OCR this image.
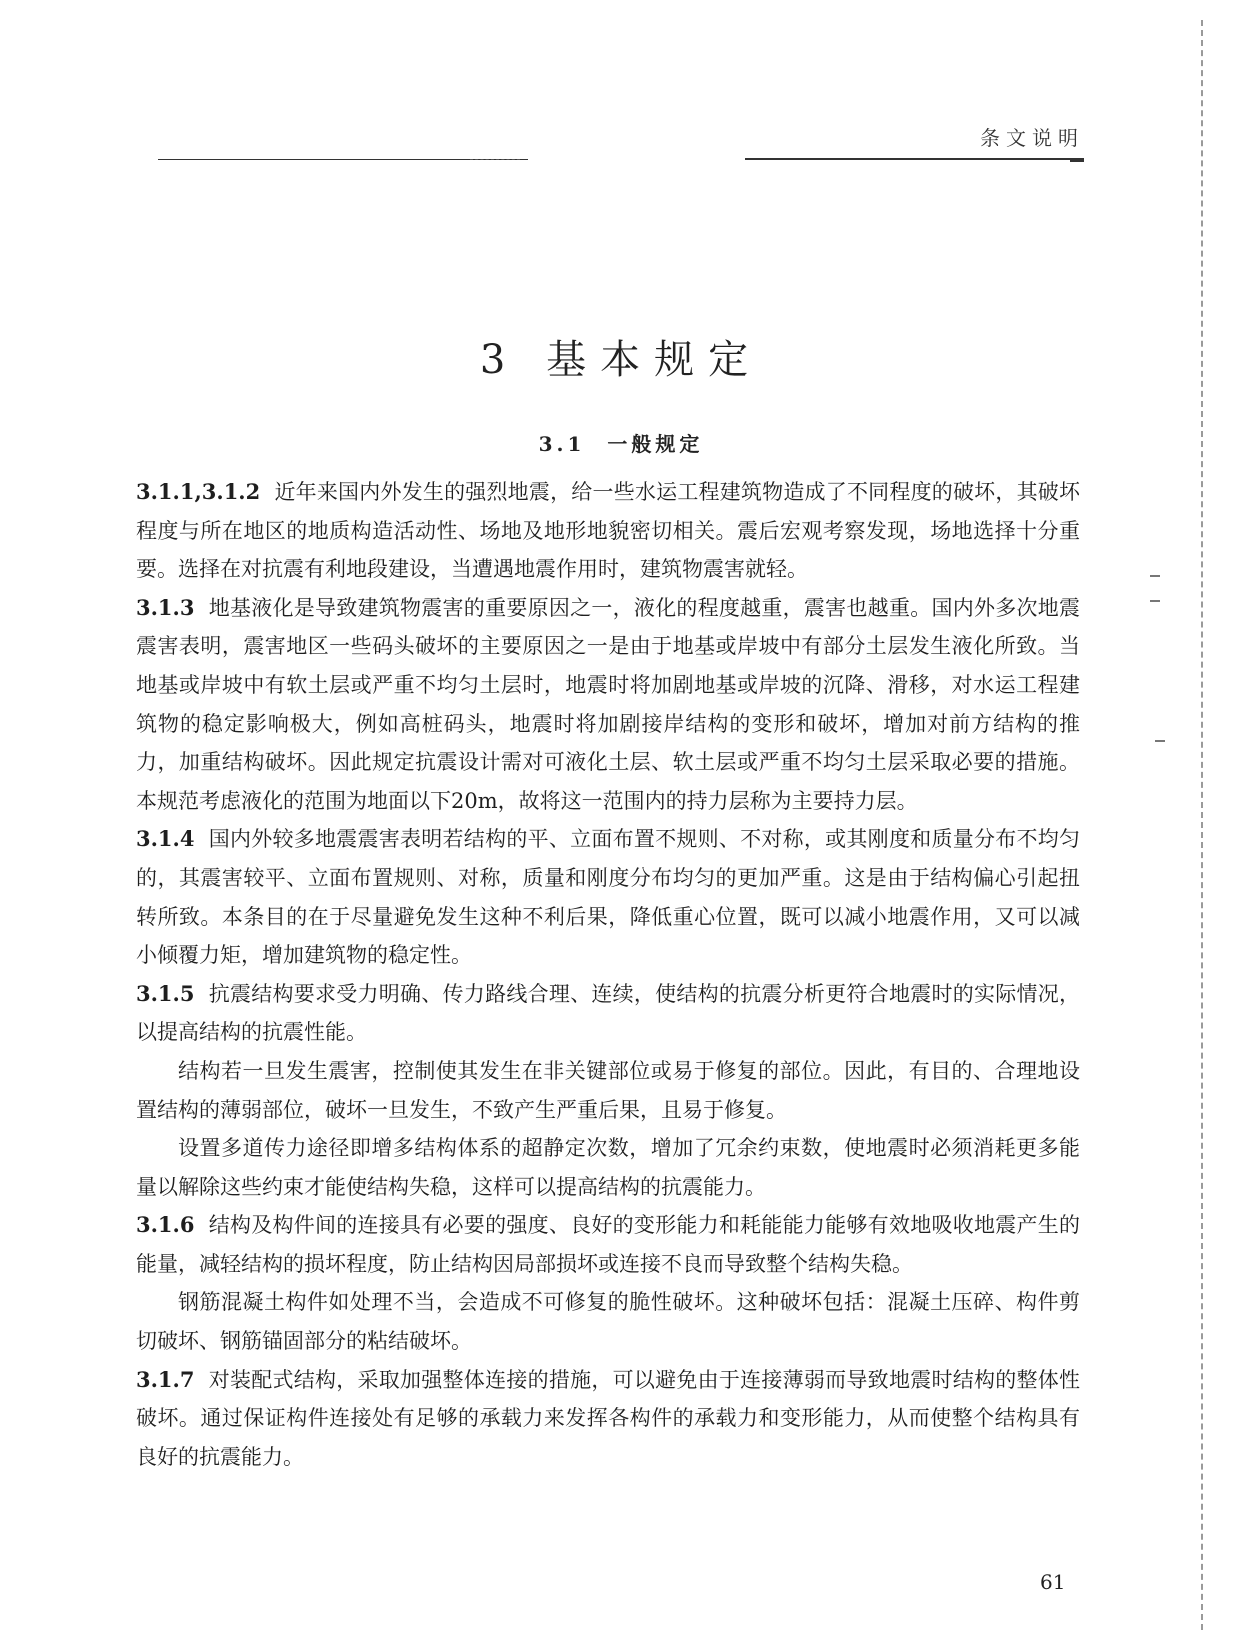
条文说明
3 基本规定
3.1 一般规定

3.1.1,3.1.2 近年来国内外发生的强烈地震，给一些水运工程建筑物造成了不同程度的破坏，其破坏程度与所在地区的地质构造活动性、场地及地形地貌密切相关。震后宏观考察发现，场地选择十分重要。选择在对抗震有利地段建设，当遭遇地震作用时，建筑物震害就轻。

3.1.3 地基液化是导致建筑物震害的重要原因之一，液化的程度越重，震害也越重。国内外多次地震震害表明，震害地区一些码头破坏的主要原因之一是由于地基或岸坡中有部分土层发生液化所致。当地基或岸坡中有软土层或严重不均匀土层时，地震时将加剧地基或岸坡的沉降、滑移，对水运工程建筑物的稳定影响极大，例如高桩码头，地震时将加剧接岸结构的变形和破坏，增加对前方结构的推力，加重结构破坏。因此规定抗震设计需对可液化土层、软土层或严重不均匀土层采取必要的措施。本规范考虑液化的范围为地面以下20m，故将这一范围内的持力层称为主要持力层。

3.1.4 国内外较多地震震害表明若结构的平、立面布置不规则、不对称，或其刚度和质量分布不均匀的，其震害较平、立面布置规则、对称，质量和刚度分布均匀的更加严重。这是由于结构偏心引起扭转所致。本条目的在于尽量避免发生这种不利后果，降低重心位置，既可以减小地震作用，又可以减小倾覆力矩，增加建筑物的稳定性。

3.1.5 抗震结构要求受力明确、传力路线合理、连续，使结构的抗震分析更符合地震时的实际情况，以提高结构的抗震性能。

结构若一旦发生震害，控制使其发生在非关键部位或易于修复的部位。因此，有目的、合理地设置结构的薄弱部位，破坏一旦发生，不致产生严重后果，且易于修复。

设置多道传力途径即增多结构体系的超静定次数，增加了冗余约束数，使地震时必须消耗更多能量以解除这些约束才能使结构失稳，这样可以提高结构的抗震能力。

3.1.6 结构及构件间的连接具有必要的强度、良好的变形能力和耗能能力能够有效地吸收地震产生的能量，减轻结构的损坏程度，防止结构因局部损坏或连接不良而导致整个结构失稳。

钢筋混凝土构件如处理不当，会造成不可修复的脆性破坏。这种破坏包括：混凝土压碎、构件剪切破坏、钢筋锚固部分的粘结破坏。

3.1.7 对装配式结构，采取加强整体连接的措施，可以避免由于连接薄弱而导致地震时结构的整体性破坏。通过保证构件连接处有足够的承载力来发挥各构件的承载力和变形能力，从而使整个结构具有良好的抗震能力。

61
